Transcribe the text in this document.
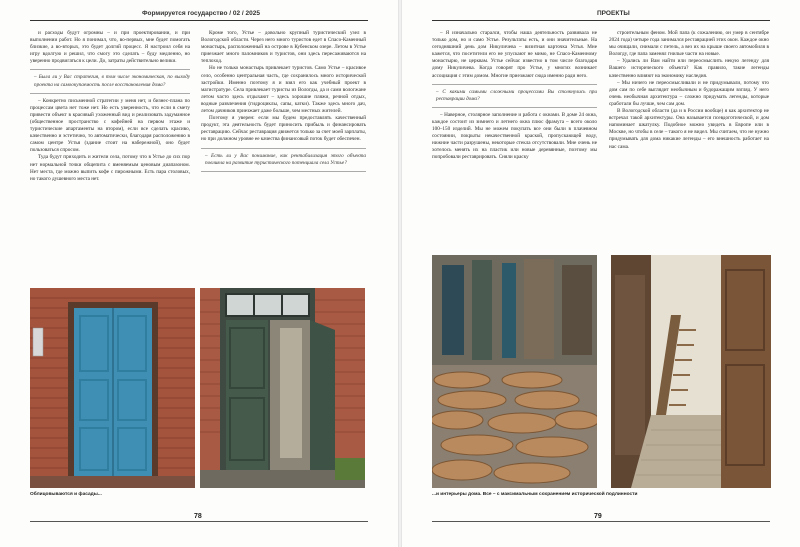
Формируется государство / 02 / 2025

и расходы будут огромны – и при проектировании, и при выполнении работ. Но я понимал, что, во-первых, мне будет помогать близкие, а во-вторых, это будет долгий процесс. Я настроил себя на игру вдолгую и решил, что смогу это сделать – буду медленно, но уверенно продвигаться к цели. До, затраты действительно велики.

– Была ли у Вас стратегия, в том числе экономическая, по выходу проекта на самоокупаемость после восстановления дома?

– Конкретно письменной стратегии у меня нет, и бизнес-плана по процессам цвета нет тоже нет. Но есть уверенность, что если в смету привести объект в красивый ухоженный вид и реализовать задуманное (общественное пространство с кофейней на первом этаже и туристические апартаменты на втором), если все сделать красиво, качественно и эстетично, то автоматически, благодаря расположению в самом центре Устья (здание стоит на набережной), оно будет пользоваться спросом.

Туда будут приходить и жители села, потому что в Устье до сих пор нет нормальной точки общепита с вменяемым ценовым диапазоном. Нет места, где можно выпить кофе с пирожными. Есть пара столовых, но такого душевного места нет.

Кроме того, Устье – довольно крупный туристический узел в Вологодской области. Через него много туристов едет в Спасо-Каменный монастырь, расположенный на острове в Кубенском озере. Летом в Устье приезжает много паломников и туристов, они здесь пересаживаются на теплоход.

Но не только монастырь привлекает туристов. Само Устье – красивое село, особенно центральная часть, где сохранилось много исторической застройки. Именно поэтому я и взял его как учебный проект в магистратуре. Села привлекает туристы из Вологды, да и сами вологжане летом часто здесь отдыхают – здесь хорошие пляжи, речной отдых, водные развлечения (гидроциклы, сапы, катки). Также здесь много дач, летом дачников приезжает даже больше, чем местных жителей.

Поэтому я уверен: если мы будем предоставлять качественный продукт, эта деятельность будет приносить прибыль и финансировать реставрацию. Сейчас реставрация движется только за счет моей зарплаты, но при должном уровне ее качества финансовый поток будет обеспечен.

– Есть ли у Вас понимание, как рентабилизация этого объекта повлияла на развитие туристического потенциала села Устье?

Облицовываются и фасады...
78
ПРОЕКТЫ

– Я изначально старался, чтобы наша деятельность развивала не только дом, но и само Устье. Результаты есть, и они значительные. На сегодняшний день дом Никуличева – визитная карточка Устья. Мне кажется, что посетители его не упускают не мимо, не Спасо-Каменному монастырю, не церквам. Устье сейчас известно в том числе благодаря дому Никуличева. Когда говорят про Устье, у многих возникает ассоциация с этим домом. Многие приезжают сюда именно ради него.

– С какими самыми сложными процессами Вы столкнулись при реставрации дома?

– Наверное, столярное заполнение и работа с окнами. В доме 24 окна, каждое состоит из зимнего и летнего окна плюс фрамуга – всего около 100–150 изделий. Мы не можем покупать все они были в плачевном состоянии, покрыты некачественной краской, пропускающей воду, нижние части разрушены, некоторые стекла отсутствовали. Мне очень не хотелось менять их на пластик или новые деревянные, поэтому мы попробовали реставрировать. Сняли краску

строительным феном. Мой папа (к сожалению, он умер в сентябре 2024 года) четыре года занимался реставрацией этих окон. Каждое окно мы очищали, снимали с петель, а вез их на крыше своего автомобиля в Вологду, где папа заменял гнилые части на новые.

– Удались ли Вам найти или переосмыслить некую легенду для Вашего исторического объекта? Как правило, такие легенды качественно влияют на экономику наследия.

– Мы ничего не переосмысливали и не придумывали, потому что дом сам по себе выглядит необычным и будоражащим взгляд. У него очень необычная архитектура – сложно придумать легенды, которые сработали бы лучше, чем сам дом.

В Вологодской области (да и в России вообще) я как архитектор не встречал такой архитектуры. Она называется псевдоготической, и дом напоминает шкатулку. Подобное можно увидеть в Европе или в Москве, но чтобы в селе – такого я не видел. Мы считаем, что не нужно придумывать для дома никакие легенды – его внешность работает на нас сама.

...и интерьеры дома. Все – с максимальным сохранением исторической подлинности
79
